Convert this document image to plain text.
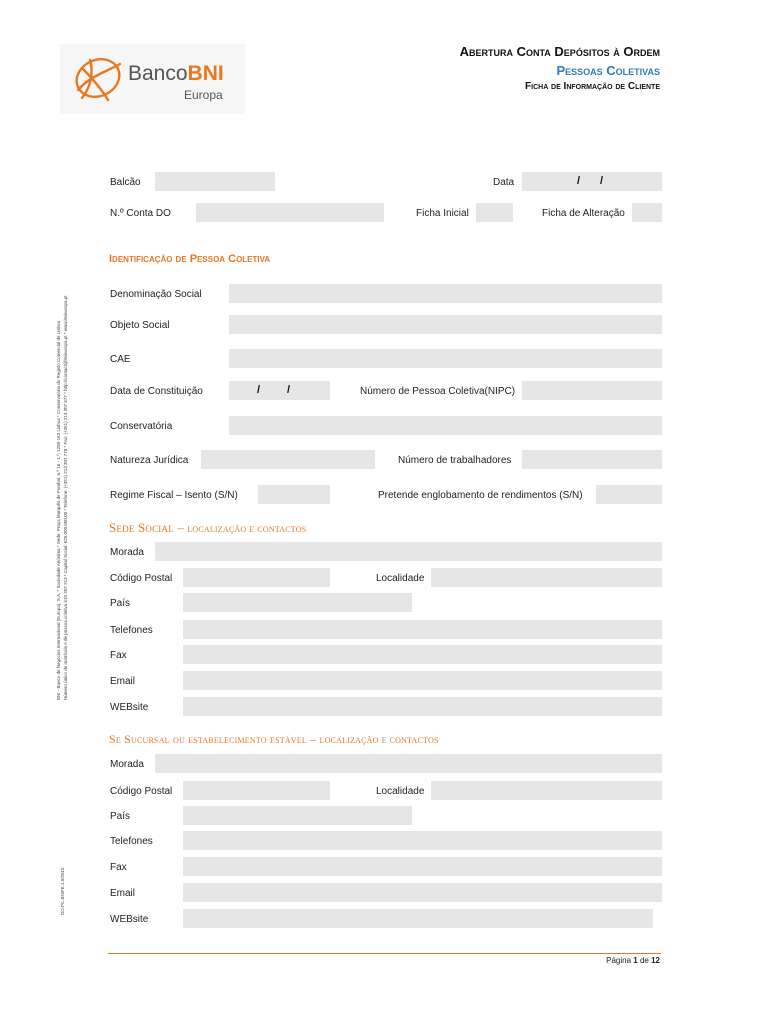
BancoBNI
Europa
Abertura Conta Depósitos à Ordem
Pessoas Coletivas
Ficha de Informação de Cliente
BNI - Banco de Negócios Internacional (Europa), S.A. * Sociedade Anónima * Sede: Praça Marquês de Pombal, n.º 16 - 1.º, 1250-163 Lisboa * Conservatória do Registo Comercial de Lisboa Número único de matrícula e de pessoa coletiva 510 307 213 * Capital Social: €25.000.000,00 * Telefone: (+351) 213 307 778 * Fax: (+351) 213 307 677 * http://contact@bnieuropa.pt * www.bnieuropa.pt
DO.PC.BNIFE.1.0/2015
Balcão	Data	/ /
N.º Conta DO	Ficha Inicial	Ficha de Alteração
Identificação de Pessoa Coletiva
Denominação Social
Objeto Social
CAE
Data de Constituição	/ /	Número de Pessoa Coletiva(NIPC)
Conservatória
Natureza Jurídica	Número de trabalhadores
Regime Fiscal – Isento (S/N)	Pretende englobamento de rendimentos (S/N)
Sede Social – localização e contactos
Morada
Código Postal	Localidade
País
Telefones
Fax
Email
WEBsite
Se Sucursal ou estabelecimento estável – localização e contactos
Morada
Código Postal	Localidade
País
Telefones
Fax
Email
WEBsite
Página 1 de 12
